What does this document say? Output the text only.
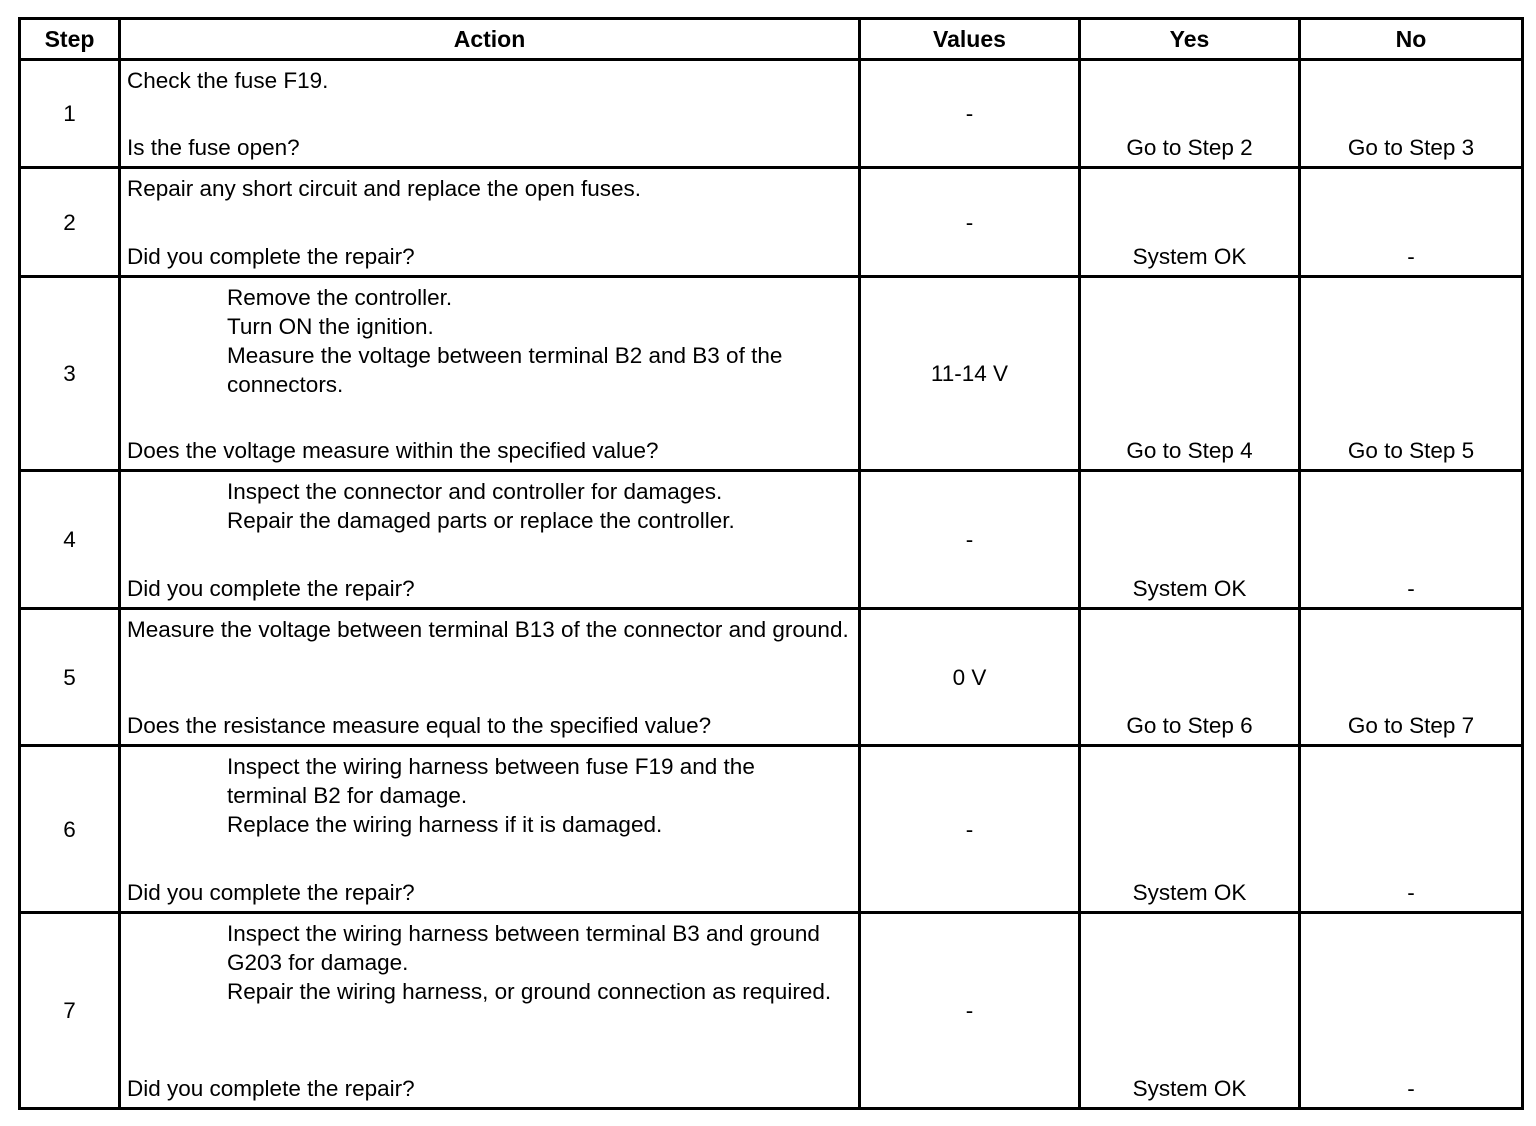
Step	Action	Values	Yes	No
1	Check the fuse F19.
Is the fuse open?	-	Go to Step 2	Go to Step 3

2	Repair any short circuit and replace the open fuses.
Did you complete the repair?	-	System OK	-

3	Remove the controller.
Turn ON the ignition.
Measure the voltage between terminal B2 and B3 of the connectors.
Does the voltage measure within the specified value?	11-14 V	Go to Step 4	Go to Step 5

4	Inspect the connector and controller for damages.
Repair the damaged parts or replace the controller.
Did you complete the repair?	-	System OK	-

5	Measure the voltage between terminal B13 of the connector and ground.
Does the resistance measure equal to the specified value?	0 V	Go to Step 6	Go to Step 7

6	Inspect the wiring harness between fuse F19 and the terminal B2 for damage.
Replace the wiring harness if it is damaged.
Did you complete the repair?	-	System OK	-

7	Inspect the wiring harness between terminal B3 and ground G203 for damage.
Repair the wiring harness, or ground connection as required.
Did you complete the repair?	-	System OK	-
